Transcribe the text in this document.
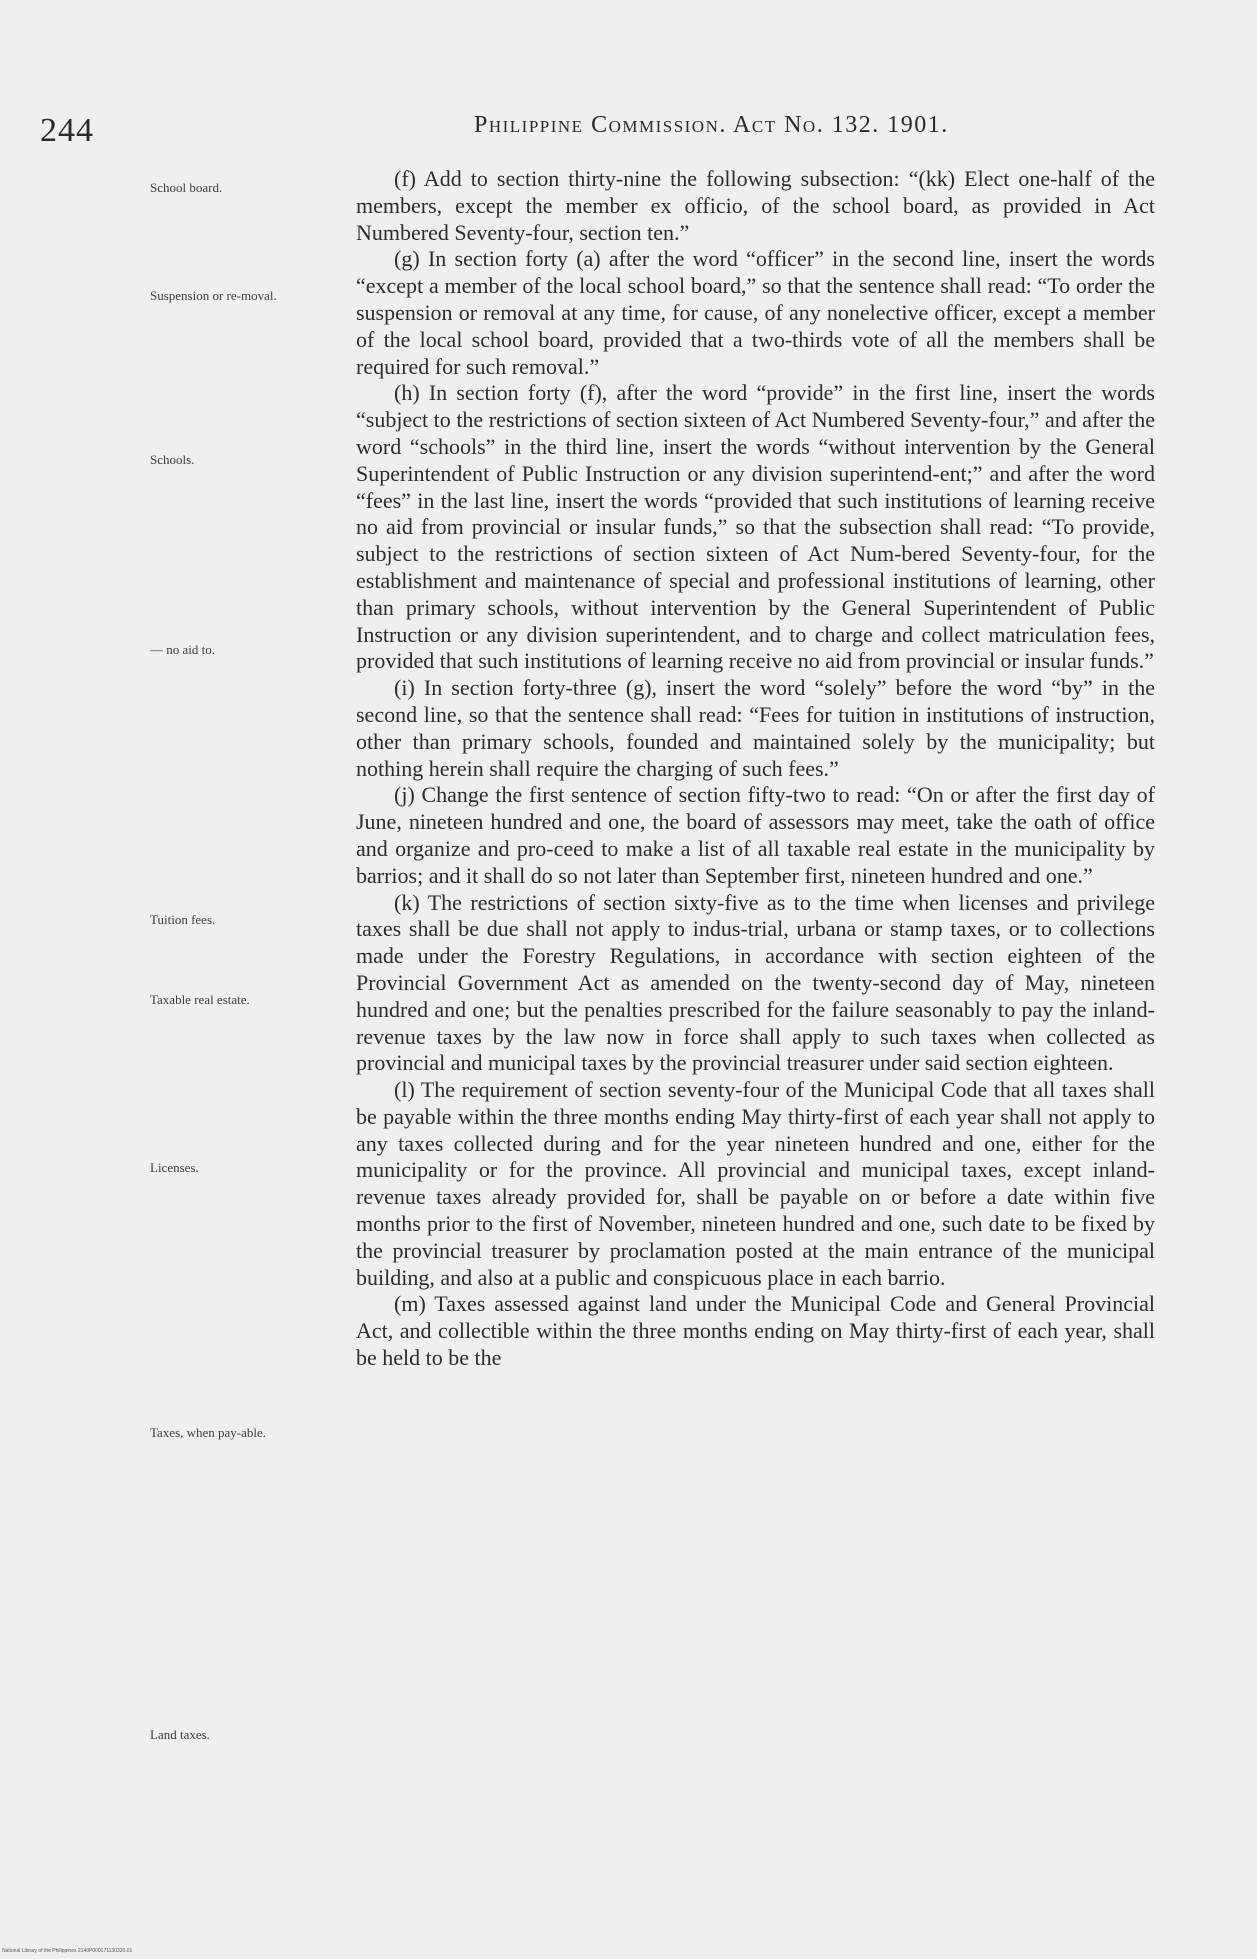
244	Philippine Commission. Act No. 132. 1901.
School board.
Suspension or re-moval.
Schools.
— no aid to.
Tuition fees.
Taxable real estate.
Licenses.
Taxes, when pay-able.
Land taxes.

(f) Add to section thirty-nine the following subsection: “(kk) Elect one-half of the members, except the member ex officio, of the school board, as provided in Act Numbered Seventy-four, section ten.”

(g) In section forty (a) after the word “officer” in the second line, insert the words “except a member of the local school board,” so that the sentence shall read: “To order the suspension or removal at any time, for cause, of any nonelective officer, except a member of the local school board, provided that a two-thirds vote of all the members shall be required for such removal.”

(h) In section forty (f), after the word “provide” in the first line, insert the words “subject to the restrictions of section sixteen of Act Numbered Seventy-four,” and after the word “schools” in the third line, insert the words “without intervention by the General Superintendent of Public Instruction or any division superintend-ent;” and after the word “fees” in the last line, insert the words “provided that such institutions of learning receive no aid from provincial or insular funds,” so that the subsection shall read: “To provide, subject to the restrictions of section sixteen of Act Num-bered Seventy-four, for the establishment and maintenance of special and professional institutions of learning, other than primary schools, without intervention by the General Superintendent of Public Instruction or any division superintendent, and to charge and collect matriculation fees, provided that such institutions of learning receive no aid from provincial or insular funds.”

(i) In section forty-three (g), insert the word “solely” before the word “by” in the second line, so that the sentence shall read: “Fees for tuition in institutions of instruction, other than primary schools, founded and maintained solely by the municipality; but nothing herein shall require the charging of such fees.”

(j) Change the first sentence of section fifty-two to read: “On or after the first day of June, nineteen hundred and one, the board of assessors may meet, take the oath of office and organize and pro-ceed to make a list of all taxable real estate in the municipality by barrios; and it shall do so not later than September first, nineteen hundred and one.”

(k) The restrictions of section sixty-five as to the time when licenses and privilege taxes shall be due shall not apply to indus-trial, urbana or stamp taxes, or to collections made under the Forestry Regulations, in accordance with section eighteen of the Provincial Government Act as amended on the twenty-second day of May, nineteen hundred and one; but the penalties prescribed for the failure seasonably to pay the inland-revenue taxes by the law now in force shall apply to such taxes when collected as provincial and municipal taxes by the provincial treasurer under said section eighteen.

(l) The requirement of section seventy-four of the Municipal Code that all taxes shall be payable within the three months ending May thirty-first of each year shall not apply to any taxes collected during and for the year nineteen hundred and one, either for the municipality or for the province. All provincial and municipal taxes, except inland-revenue taxes already provided for, shall be payable on or before a date within five months prior to the first of November, nineteen hundred and one, such date to be fixed by the provincial treasurer by proclamation posted at the main entrance of the municipal building, and also at a public and conspicuous place in each barrio.

(m) Taxes assessed against land under the Municipal Code and General Provincial Act, and collectible within the three months ending on May thirty-first of each year, shall be held to be the

National Library of the Philippines 2140P000171130320.01
